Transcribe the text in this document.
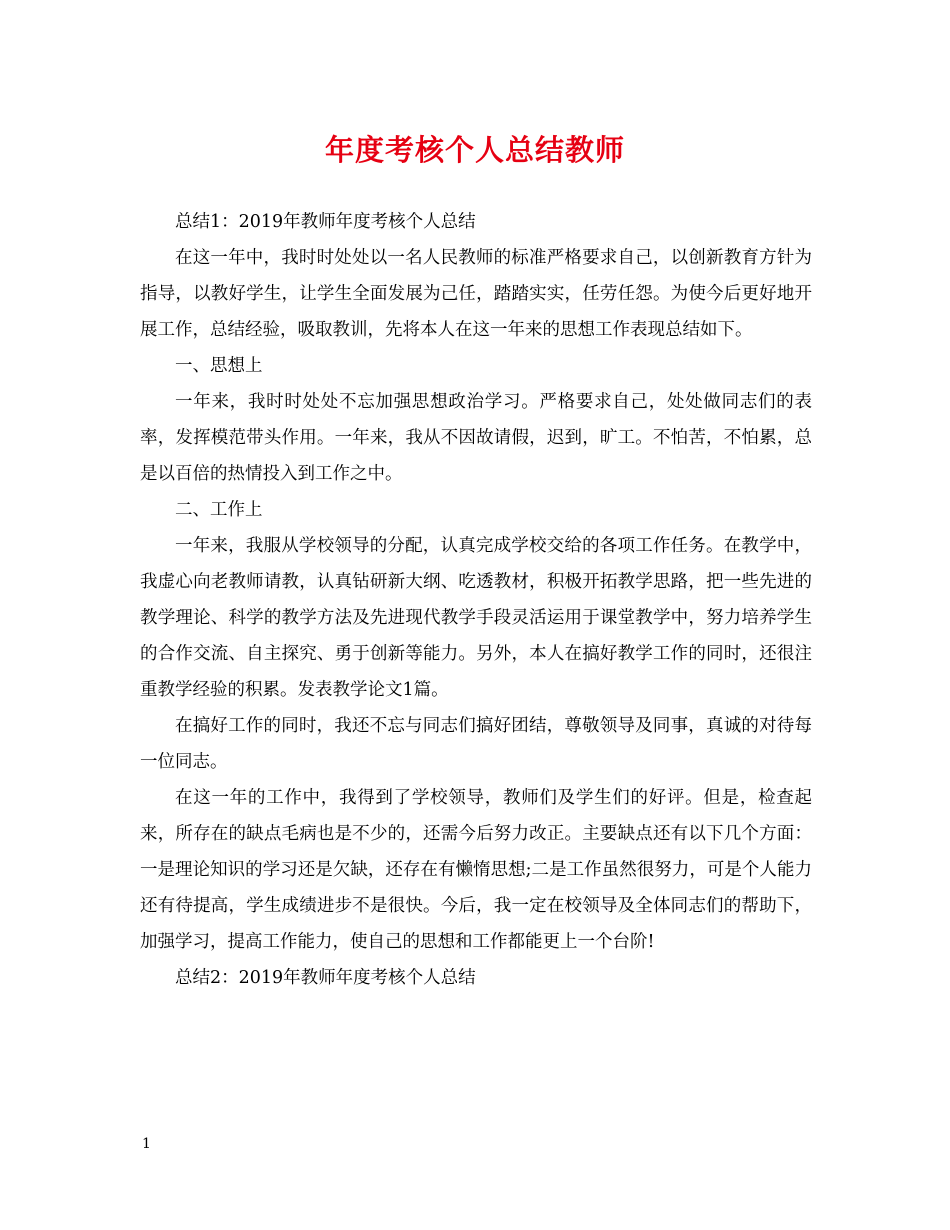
年度考核个人总结教师

总结1：2019年教师年度考核个人总结

在这一年中，我时时处处以一名人民教师的标准严格要求自己，以创新教育方针为指导，以教好学生，让学生全面发展为己任，踏踏实实，任劳任怨。为使今后更好地开展工作，总结经验，吸取教训，先将本人在这一年来的思想工作表现总结如下。

一、思想上

一年来，我时时处处不忘加强思想政治学习。严格要求自己，处处做同志们的表率，发挥模范带头作用。一年来，我从不因故请假，迟到，旷工。不怕苦，不怕累，总是以百倍的热情投入到工作之中。

二、工作上

一年来，我服从学校领导的分配，认真完成学校交给的各项工作任务。在教学中，我虚心向老教师请教，认真钻研新大纲、吃透教材，积极开拓教学思路，把一些先进的教学理论、科学的教学方法及先进现代教学手段灵活运用于课堂教学中，努力培养学生的合作交流、自主探究、勇于创新等能力。另外，本人在搞好教学工作的同时，还很注重教学经验的积累。发表教学论文1篇。

在搞好工作的同时，我还不忘与同志们搞好团结，尊敬领导及同事，真诚的对待每一位同志。

在这一年的工作中，我得到了学校领导，教师们及学生们的好评。但是，检查起来，所存在的缺点毛病也是不少的，还需今后努力改正。主要缺点还有以下几个方面：一是理论知识的学习还是欠缺，还存在有懒惰思想;二是工作虽然很努力，可是个人能力还有待提高，学生成绩进步不是很快。今后，我一定在校领导及全体同志们的帮助下，加强学习，提高工作能力，使自己的思想和工作都能更上一个台阶!

总结2：2019年教师年度考核个人总结

1
